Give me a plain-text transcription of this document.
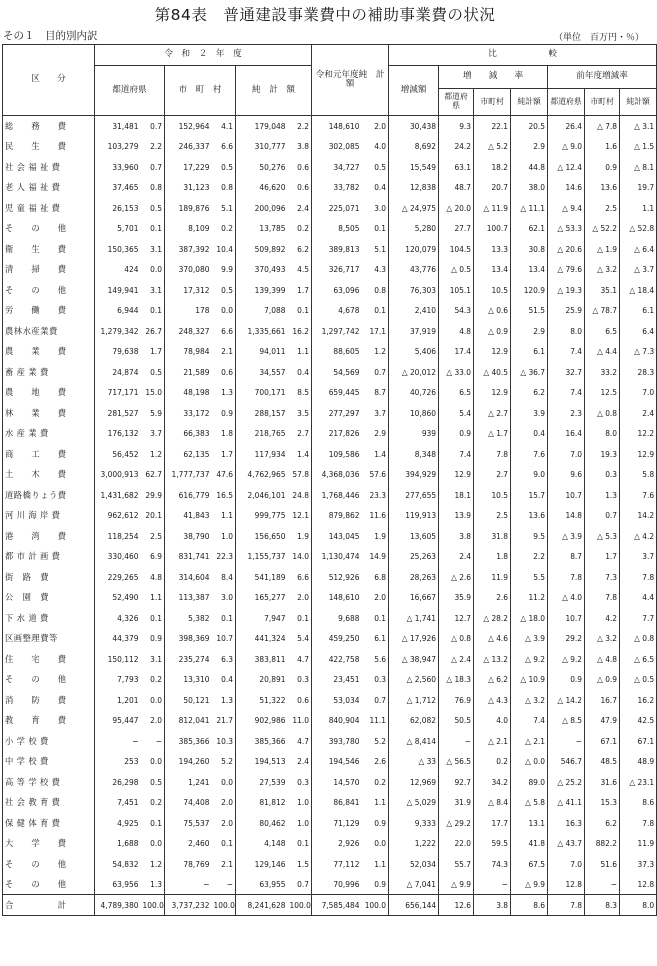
第84表　普通建設事業費中の補助事業費の状況
その１　目的別内訳	（単位　百万円・％）
区　　分	令　和　２　年　度						令和元年度純　計　額		比　　　　　　較						
	都道府県		市　町　村		純　計　額				増減額	増　　減　　率			前年度増減率		
										都道府県	市町村	純計額	都道府県	市町村	純計額
総　　務　　費	31,481	0.7	152,964	4.1	179,048	2.2	148,610	2.0	30,438	9.3	22.1	20.5	26.4	△ 7.8	△ 3.1
民　　生　　費	103,279	2.2	246,337	6.6	310,777	3.8	302,085	4.0	8,692	24.2	△ 5.2	2.9	△ 9.0	1.6	△ 1.5
社 会 福 祉 費	33,960	0.7	17,229	0.5	50,276	0.6	34,727	0.5	15,549	63.1	18.2	44.8	△ 12.4	0.9	△ 8.1
老 人 福 祉 費	37,465	0.8	31,123	0.8	46,620	0.6	33,782	0.4	12,838	48.7	20.7	38.0	14.6	13.6	19.7
児 童 福 祉 費	26,153	0.5	189,876	5.1	200,096	2.4	225,071	3.0	△ 24,975	△ 20.0	△ 11.9	△ 11.1	△ 9.4	2.5	1.1
そ　　の　　他	5,701	0.1	8,109	0.2	13,785	0.2	8,505	0.1	5,280	27.7	100.7	62.1	△ 53.3	△ 52.2	△ 52.8
衛　　生　　費	150,365	3.1	387,392	10.4	509,892	6.2	389,813	5.1	120,079	104.5	13.3	30.8	△ 20.6	△ 1.9	△ 6.4
清　　掃　　費	424	0.0	370,080	9.9	370,493	4.5	326,717	4.3	43,776	△ 0.5	13.4	13.4	△ 79.6	△ 3.2	△ 3.7
そ　　の　　他	149,941	3.1	17,312	0.5	139,399	1.7	63,096	0.8	76,303	105.1	10.5	120.9	△ 19.3	35.1	△ 18.4
労　　働　　費	6,944	0.1	178	0.0	7,088	0.1	4,678	0.1	2,410	54.3	△ 0.6	51.5	25.9	△ 78.7	6.1
農林水産業費	1,279,342	26.7	248,327	6.6	1,335,661	16.2	1,297,742	17.1	37,919	4.8	△ 0.9	2.9	8.0	6.5	6.4
農　　業　　費	79,638	1.7	78,984	2.1	94,011	1.1	88,605	1.2	5,406	17.4	12.9	6.1	7.4	△ 4.4	△ 7.3
畜 産 業 費	24,874	0.5	21,589	0.6	34,557	0.4	54,569	0.7	△ 20,012	△ 33.0	△ 40.5	△ 36.7	32.7	33.2	28.3
農　　地　　費	717,171	15.0	48,198	1.3	700,171	8.5	659,445	8.7	40,726	6.5	12.9	6.2	7.4	12.5	7.0
林　　業　　費	281,527	5.9	33,172	0.9	288,157	3.5	277,297	3.7	10,860	5.4	△ 2.7	3.9	2.3	△ 0.8	2.4
水 産 業 費	176,132	3.7	66,383	1.8	218,765	2.7	217,826	2.9	939	0.9	△ 1.7	0.4	16.4	8.0	12.2
商　　工　　費	56,452	1.2	62,135	1.7	117,934	1.4	109,586	1.4	8,348	7.4	7.8	7.6	7.0	19.3	12.9
土　　木　　費	3,000,913	62.7	1,777,737	47.6	4,762,965	57.8	4,368,036	57.6	394,929	12.9	2.7	9.0	9.6	0.3	5.8
道路橋りょう費	1,431,682	29.9	616,779	16.5	2,046,101	24.8	1,768,446	23.3	277,655	18.1	10.5	15.7	10.7	1.3	7.6
河 川 海 岸 費	962,612	20.1	41,843	1.1	999,775	12.1	879,862	11.6	119,913	13.9	2.5	13.6	14.8	0.7	14.2
港　　湾　　費	118,254	2.5	38,790	1.0	156,650	1.9	143,045	1.9	13,605	3.8	31.8	9.5	△ 3.9	△ 5.3	△ 4.2
都 市 計 画 費	330,460	6.9	831,741	22.3	1,155,737	14.0	1,130,474	14.9	25,263	2.4	1.8	2.2	8.7	1.7	3.7
街　路　費	229,265	4.8	314,604	8.4	541,189	6.6	512,926	6.8	28,263	△ 2.6	11.9	5.5	7.8	7.3	7.8
公　園　費	52,490	1.1	113,387	3.0	165,277	2.0	148,610	2.0	16,667	35.9	2.6	11.2	△ 4.0	7.8	4.4
下 水 道 費	4,326	0.1	5,382	0.1	7,947	0.1	9,688	0.1	△ 1,741	12.7	△ 28.2	△ 18.0	10.7	4.2	7.7
区画整理費等	44,379	0.9	398,369	10.7	441,324	5.4	459,250	6.1	△ 17,926	△ 0.8	△ 4.6	△ 3.9	29.2	△ 3.2	△ 0.8
住　　宅　　費	150,112	3.1	235,274	6.3	383,811	4.7	422,758	5.6	△ 38,947	△ 2.4	△ 13.2	△ 9.2	△ 9.2	△ 4.8	△ 6.5
そ　　の　　他	7,793	0.2	13,310	0.4	20,891	0.3	23,451	0.3	△ 2,560	△ 18.3	△ 6.2	△ 10.9	0.9	△ 0.9	△ 0.5
消　　防　　費	1,201	0.0	50,121	1.3	51,322	0.6	53,034	0.7	△ 1,712	76.9	△ 4.3	△ 3.2	△ 14.2	16.7	16.2
教　　育　　費	95,447	2.0	812,041	21.7	902,986	11.0	840,904	11.1	62,082	50.5	4.0	7.4	△ 8.5	47.9	42.5
小 学 校 費	−	−	385,366	10.3	385,366	4.7	393,780	5.2	△ 8,414	−	△ 2.1	△ 2.1	−	67.1	67.1
中 学 校 費	253	0.0	194,260	5.2	194,513	2.4	194,546	2.6	△ 33	△ 56.5	0.2	△ 0.0	546.7	48.5	48.9
高 等 学 校 費	26,298	0.5	1,241	0.0	27,539	0.3	14,570	0.2	12,969	92.7	34.2	89.0	△ 25.2	31.6	△ 23.1
社 会 教 育 費	7,451	0.2	74,408	2.0	81,812	1.0	86,841	1.1	△ 5,029	31.9	△ 8.4	△ 5.8	△ 41.1	15.3	8.6
保 健 体 育 費	4,925	0.1	75,537	2.0	80,462	1.0	71,129	0.9	9,333	△ 29.2	17.7	13.1	16.3	6.2	7.8
大　　学　　費	1,688	0.0	2,460	0.1	4,148	0.1	2,926	0.0	1,222	22.0	59.5	41.8	△ 43.7	882.2	11.9
そ　　の　　他	54,832	1.2	78,769	2.1	129,146	1.5	77,112	1.1	52,034	55.7	74.3	67.5	7.0	51.6	37.3
そ　　の　　他	63,956	1.3	−	−	63,955	0.7	70,996	0.9	△ 7,041	△ 9.9	−	△ 9.9	12.8	−	12.8
合　　　　　計	4,789,380	100.0	3,737,232	100.0	8,241,628	100.0	7,585,484	100.0	656,144	12.6	3.8	8.6	7.8	8.3	8.0
